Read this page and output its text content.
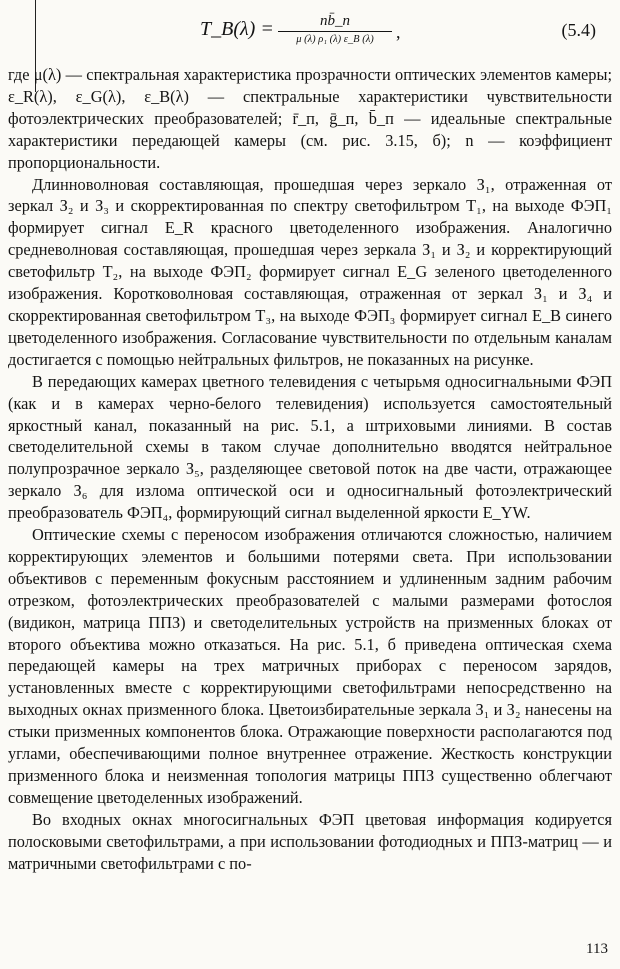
T_B(λ) =	nb̄_п
μ (λ) ρ₁ (λ) ε_B (λ)	,	(5.4)

где μ(λ) — спектральная характеристика прозрачности оптических элементов камеры; ε_R(λ), ε_G(λ), ε_B(λ) — спектральные характеристики чувствительности фотоэлектрических преобразователей; r̄_п, ḡ_п, b̄_п — идеальные спектральные характеристики передающей камеры (см. рис. 3.15, б); n — коэффициент пропорциональности.

Длинноволновая составляющая, прошедшая через зеркало З₁, отраженная от зеркал З₂ и З₃ и скорректированная по спектру светофильтром T₁, на выходе ФЭП₁ формирует сигнал E_R красного цветоделенного изображения. Аналогично средневолновая составляющая, прошедшая через зеркала З₁ и З₂ и корректирующий светофильтр T₂, на выходе ФЭП₂ формирует сигнал E_G зеленого цветоделенного изображения. Коротковолновая составляющая, отраженная от зеркал З₁ и З₄ и скорректированная светофильтром T₃, на выходе ФЭП₃ формирует сигнал E_B синего цветоделенного изображения. Согласование чувствительности по отдельным каналам достигается с помощью нейтральных фильтров, не показанных на рисунке.

В передающих камерах цветного телевидения с четырьмя односигнальными ФЭП (как и в камерах черно-белого телевидения) используется самостоятельный яркостный канал, показанный на рис. 5.1, а штриховыми линиями. В состав светоделительной схемы в таком случае дополнительно вводятся нейтральное полупрозрачное зеркало З₅, разделяющее световой поток на две части, отражающее зеркало З₆ для излома оптической оси и односигнальный фотоэлектрический преобразователь ФЭП₄, формирующий сигнал выделенной яркости E_YW.

Оптические схемы с переносом изображения отличаются сложностью, наличием корректирующих элементов и большими потерями света. При использовании объективов с переменным фокусным расстоянием и удлиненным задним рабочим отрезком, фотоэлектрических преобразователей с малыми размерами фотослоя (видикон, матрица ППЗ) и светоделительных устройств на призменных блоках от второго объектива можно отказаться. На рис. 5.1, б приведена оптическая схема передающей камеры на трех матричных приборах с переносом зарядов, установленных вместе с корректирующими светофильтрами непосредственно на выходных окнах призменного блока. Цветоизбирательные зеркала З₁ и З₂ нанесены на стыки призменных компонентов блока. Отражающие поверхности располагаются под углами, обеспечивающими полное внутреннее отражение. Жесткость конструкции призменного блока и неизменная топология матрицы ППЗ существенно облегчают совмещение цветоделенных изображений.

Во входных окнах многосигнальных ФЭП цветовая информация кодируется полосковыми светофильтрами, а при использовании фотодиодных и ППЗ-матриц — и матричными светофильтрами с по-

113
